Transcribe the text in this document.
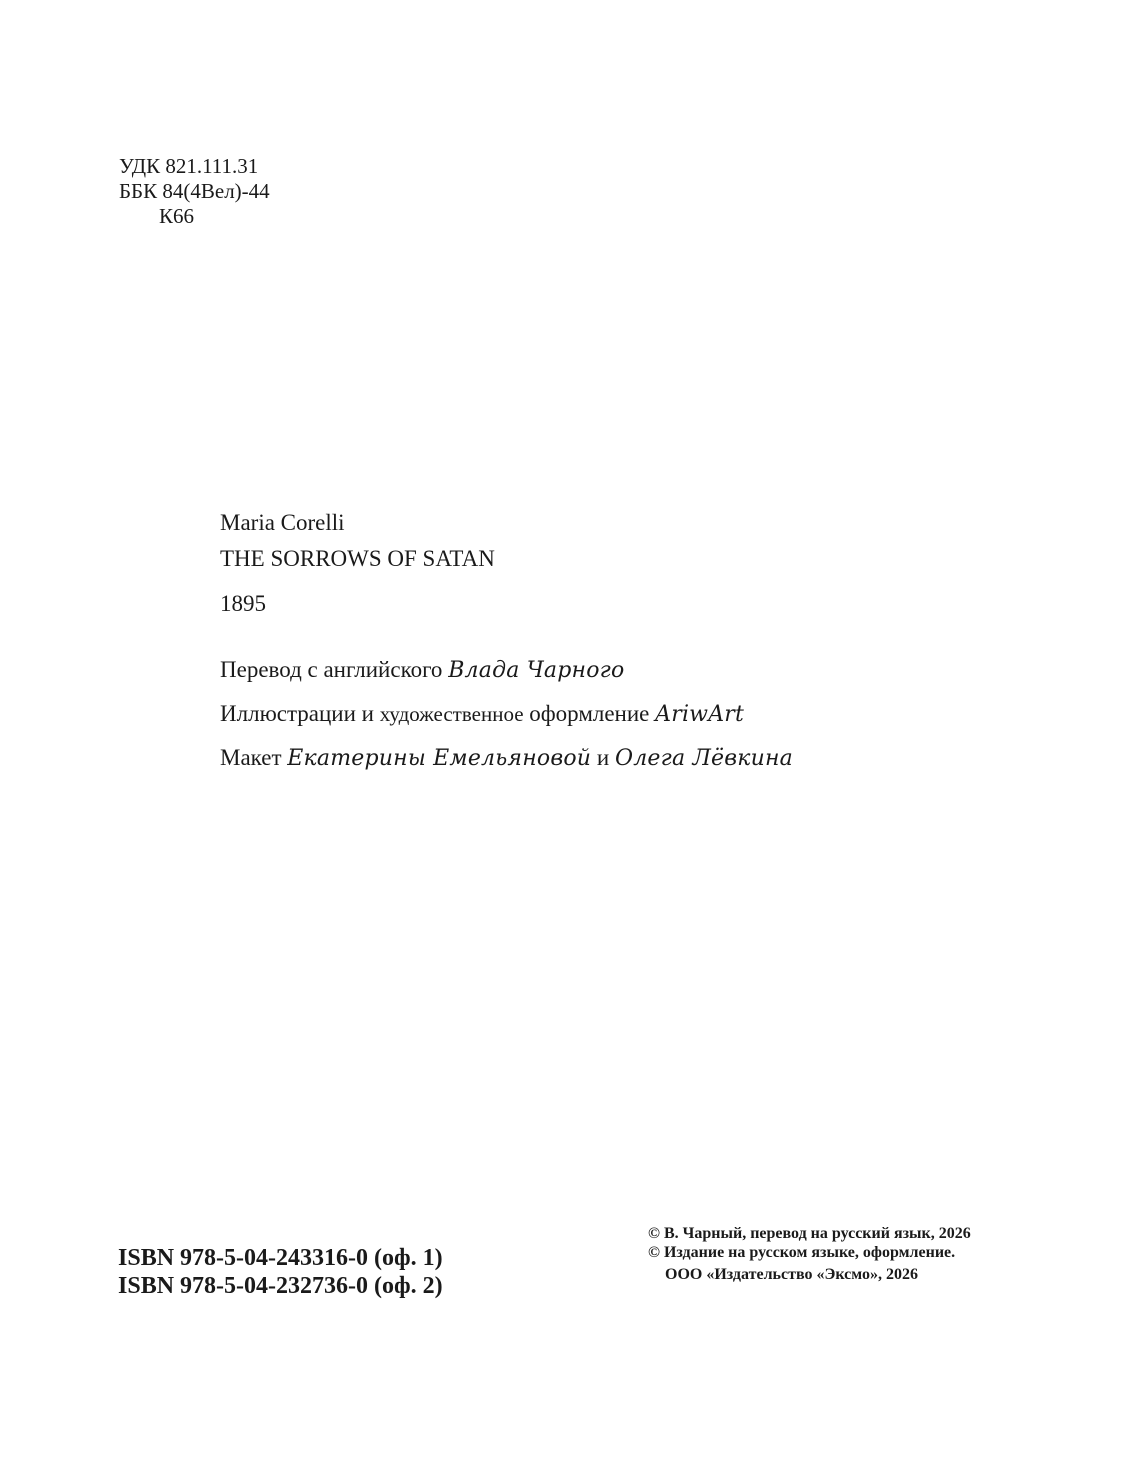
УДК 821.111.31
ББК 84(4Вел)-44
К66
Maria Corelli
THE SORROWS OF SATAN
1895
Перевод с английского Влада Чарного
Иллюстрации и художественное оформление AriwArt
Макет Екатерины Емельяновой и Олега Лёвкина
ISBN 978-5-04-243316-0 (оф. 1)
ISBN 978-5-04-232736-0 (оф. 2)
© В. Чарный, перевод на русский язык, 2026
© Издание на русском языке, оформление.
ООО «Издательство «Эксмо», 2026
